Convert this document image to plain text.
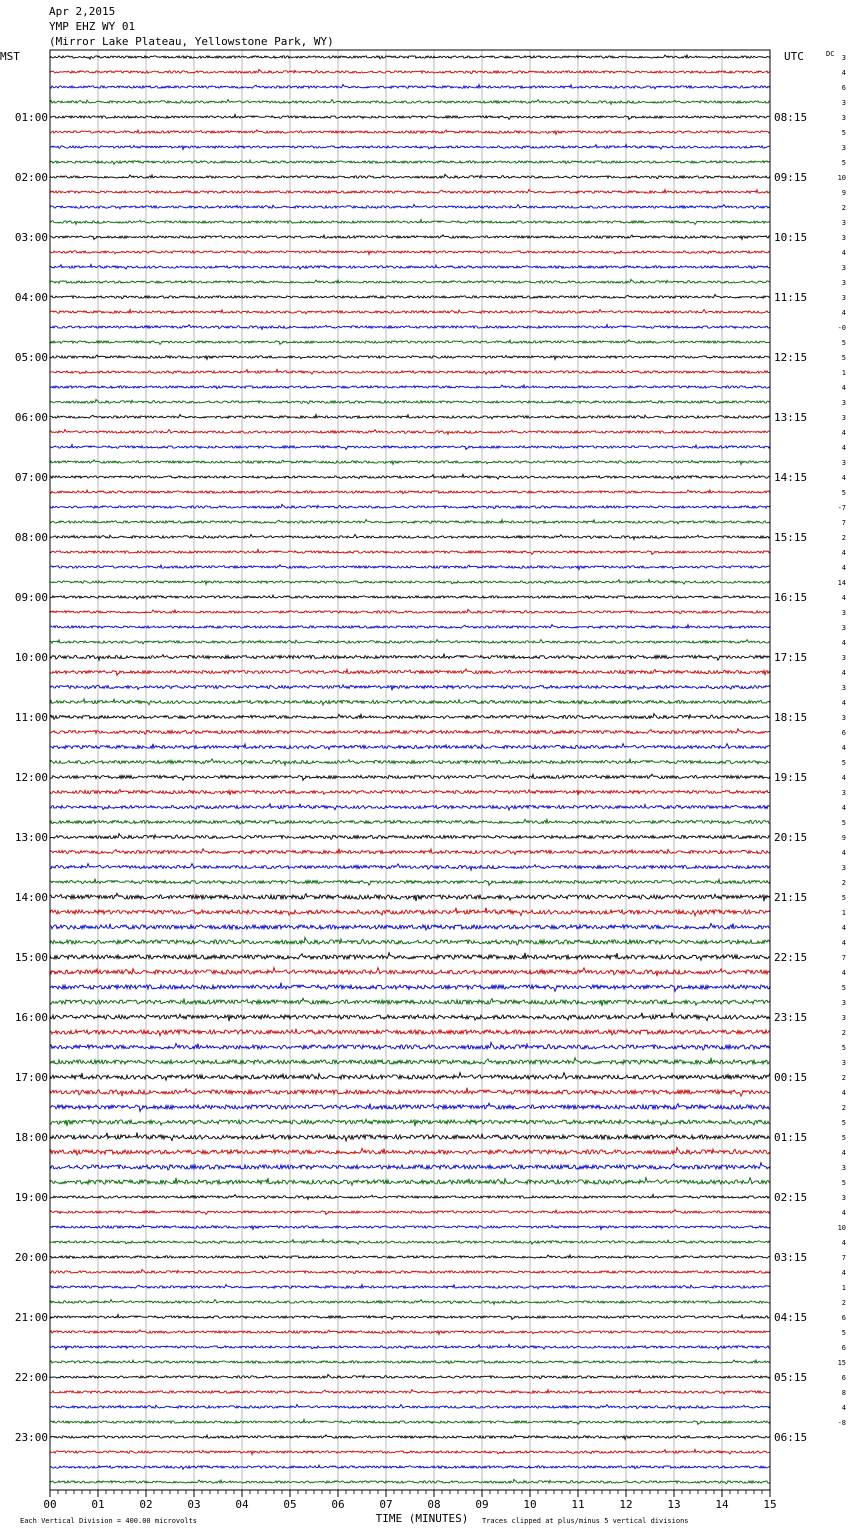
Apr 2,2015
YMP EHZ WY 01
(Mirror Lake Plateau, Yellowstone Park, WY)
MST	UTC	DC 3
4
6
3
3
5
3
5
10
9
2
3
3
4
3
3
3
4
-0
5
5
1
4
3
3
4
4
3
4
5
-7
7
2
4
4
14
4
3
3
4
3
4
3
4
3
6
4
5
4
3
4
5
9
4
3
2
5
1
4
4
7
4
5
3
3
2
5
3
2
4
2
5
5
4
3
5
3
4
10
4
7
4
1
2
6
5
6
15
6
8
4
-8
01:00
02:00
03:00
04:00
05:00
06:00
07:00
08:00
09:00
10:00
11:00
12:00
13:00
14:00
15:00
16:00
17:00
18:00
19:00
20:00
21:00
22:00
23:00
08:15
09:15
10:15
11:15
12:15
13:15
14:15
15:15
16:15
17:15
18:15
19:15
20:15
21:15
22:15
23:15
00:15
01:15
02:15
03:15
04:15
05:15
06:15
00	01	02	03	04	05	06	07	08	09	10	11	12	13	14	15
TIME (MINUTES)
Each Vertical Division = 400.00 microvolts	Traces clipped at plus/minus 5 vertical divisions
